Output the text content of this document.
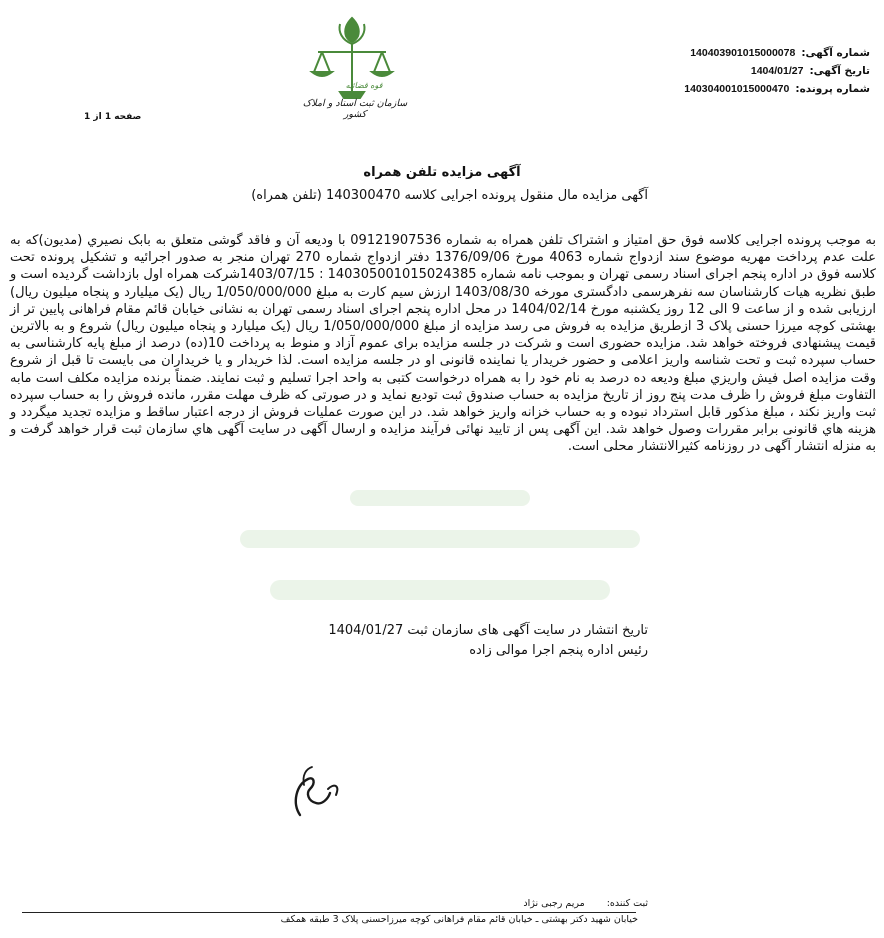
شماره آگهی:
140403901015000078
تاریخ آگهی:
1404/01/27
شماره پرونده:
140304001015000470
صفحه 1 از 1
قوه قضائیه
سازمان ثبت اسناد و املاک کشور
آگهی مزایده تلفن همراه
آگهی مزایده مال منقول پرونده اجرایی کلاسه 140300470 (تلفن همراه)
به موجب پرونده اجرایی کلاسه فوق حق امتیاز و اشتراک تلفن همراه به شماره 09121907536 با ودیعه آن و فاقد گوشی متعلق به بابک نصیري (مدیون)که به علت عدم پرداخت مهریه موضوع سند ازدواج شماره 4063 مورخ 1376/09/06 دفتر ازدواج شماره 270 تهران منجر به صدور اجرائیه و تشکیل پرونده تحت کلاسه فوق در اداره پنجم اجرای اسناد رسمی تهران و بموجب نامه شماره 140305001015024385 : 1403/07/15شرکت همراه اول بازداشت گردیده است و طبق نظریه هیات کارشناسان سه نفرهرسمی دادگستری مورخه 1403/08/30 ارزش سیم کارت به مبلغ 1/050/000/000 ریال (یک میلیارد و پنجاه میلیون ریال) ارزیابی شده و از ساعت 9 الی 12 روز یکشنبه مورخ 1404/02/14 در محل اداره پنجم اجرای اسناد رسمی تهران به نشانی خیابان قائم مقام فراهانی پایین تر از بهشتی کوچه میرزا حسنی پلاک 3 ازطریق مزایده به فروش می رسد مزایده از مبلغ 1/050/000/000 ریال (یک میلیارد و پنجاه میلیون ریال) شروع و به بالاترین قیمت پیشنهادی فروخته خواهد شد. مزایده حضوری است و شرکت در جلسه مزایده برای عموم آزاد و منوط به پرداخت 10(ده) درصد از مبلغ پایه کارشناسی به حساب سپرده ثبت و تحت شناسه واریز اعلامی و حضور خریدار یا نماینده قانونی او در جلسه مزایده است. لذا خریدار و یا خریداران می بایست تا قبل از شروع وقت مزایده اصل فیش واریزي مبلغ ودیعه ده درصد به نام خود را به همراه درخواست کتبی به واحد اجرا تسلیم و ثبت نمایند. ضمناً برنده مزایده مکلف است مابه التفاوت مبلغ فروش را ظرف مدت پنج روز از تاریخ مزایده به حساب صندوق ثبت تودیع نماید و در صورتی که ظرف مهلت مقرر، مانده فروش را به حساب سپرده ثبت واریز نکند ، مبلغ مذکور قابل استرداد نبوده و به حساب خزانه واریز خواهد شد. در این صورت عملیات فروش از درجه اعتبار ساقط و مزایده تجدید میگردد و هزینه هاي قانونی برابر مقررات وصول خواهد شد. این آگهی پس از تایید نهائی فرآیند مزایده و ارسال آگهی در سایت آگهی هاي سازمان ثبت قرار خواهد گرفت و به منزله انتشار آگهی در روزنامه کثیرالانتشار محلی است.
تاریخ انتشار در سایت آگهی های سازمان ثبت 1404/01/27
رئیس اداره پنجم اجرا موالی زاده
ثبت کننده:
مریم رجبی نژاد
خیابان شهید دکتر بهشتی ـ خیابان قائم مقام فراهانی کوچه میرزاحسنی پلاک 3 طبقه همکف
